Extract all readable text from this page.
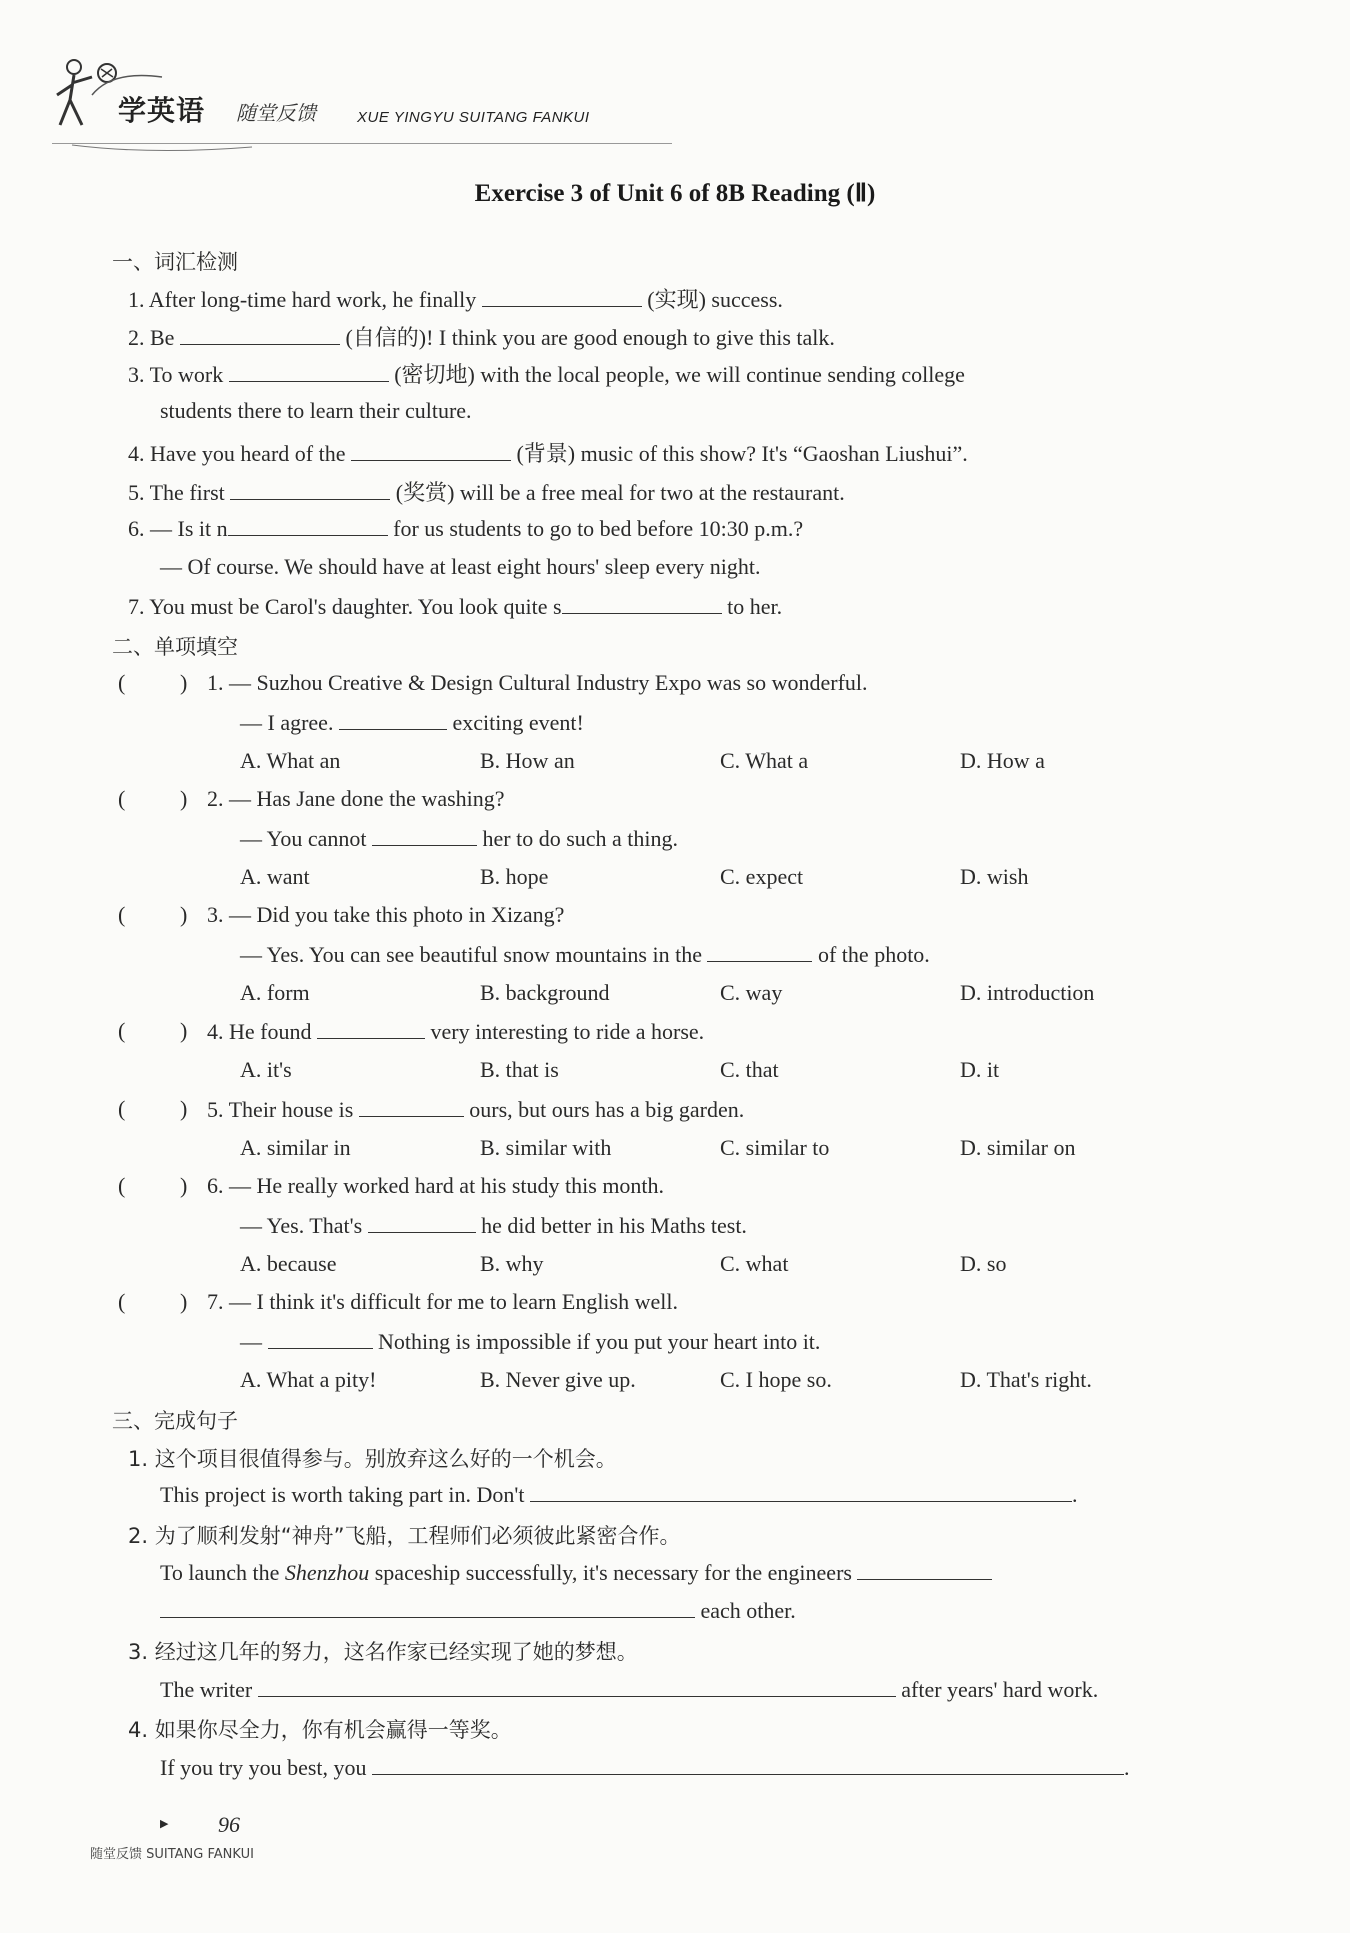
学英语 随堂反馈	XUE YINGYU SUITANG FANKUI
Exercise 3 of Unit 6 of 8B Reading (Ⅱ)
一、词汇检测
1. After long-time hard work, he finally	(实现) success.
2. Be	(自信的)! I think you are good enough to give this talk.
3. To work	(密切地) with the local people, we will continue sending college
students there to learn their culture.
4. Have you heard of the	(背景) music of this show? It's “Gaoshan Liushui”.
5. The first	(奖赏) will be a free meal for two at the restaurant.
6. — Is it n	for us students to go to bed before 10:30 p.m.?
— Of course. We should have at least eight hours' sleep every night.
7. You must be Carol's daughter. You look quite s	to her.
二、单项填空
( ) 1. — Suzhou Creative & Design Cultural Industry Expo was so wonderful.
— I agree.	exciting event!
A. What an	B. How an	C. What a	D. How a
( ) 2. — Has Jane done the washing?
— You cannot	her to do such a thing.
A. want	B. hope	C. expect	D. wish
( ) 3. — Did you take this photo in Xizang?
— Yes. You can see beautiful snow mountains in the	of the photo.
A. form	B. background	C. way	D. introduction
( ) 4. He found	very interesting to ride a horse.
A. it's	B. that is	C. that	D. it
( ) 5. Their house is	ours, but ours has a big garden.
A. similar in	B. similar with	C. similar to	D. similar on
( ) 6. — He really worked hard at his study this month.
— Yes. That's	he did better in his Maths test.
A. because	B. why	C. what	D. so
( ) 7. — I think it's difficult for me to learn English well.
—	Nothing is impossible if you put your heart into it.
A. What a pity!	B. Never give up.	C. I hope so.	D. That's right.
三、完成句子
1. 这个项目很值得参与。别放弃这么好的一个机会。
This project is worth taking part in. Don't	.
2. 为了顺利发射“神舟”飞船，工程师们必须彼此紧密合作。
To launch the Shenzhou spaceship successfully, it's necessary for the engineers
each other.
3. 经过这几年的努力，这名作家已经实现了她的梦想。
The writer	after years' hard work.
4. 如果你尽全力，你有机会赢得一等奖。
If you try you best, you	.
▶ 96
随堂反馈 SUITANG FANKUI
